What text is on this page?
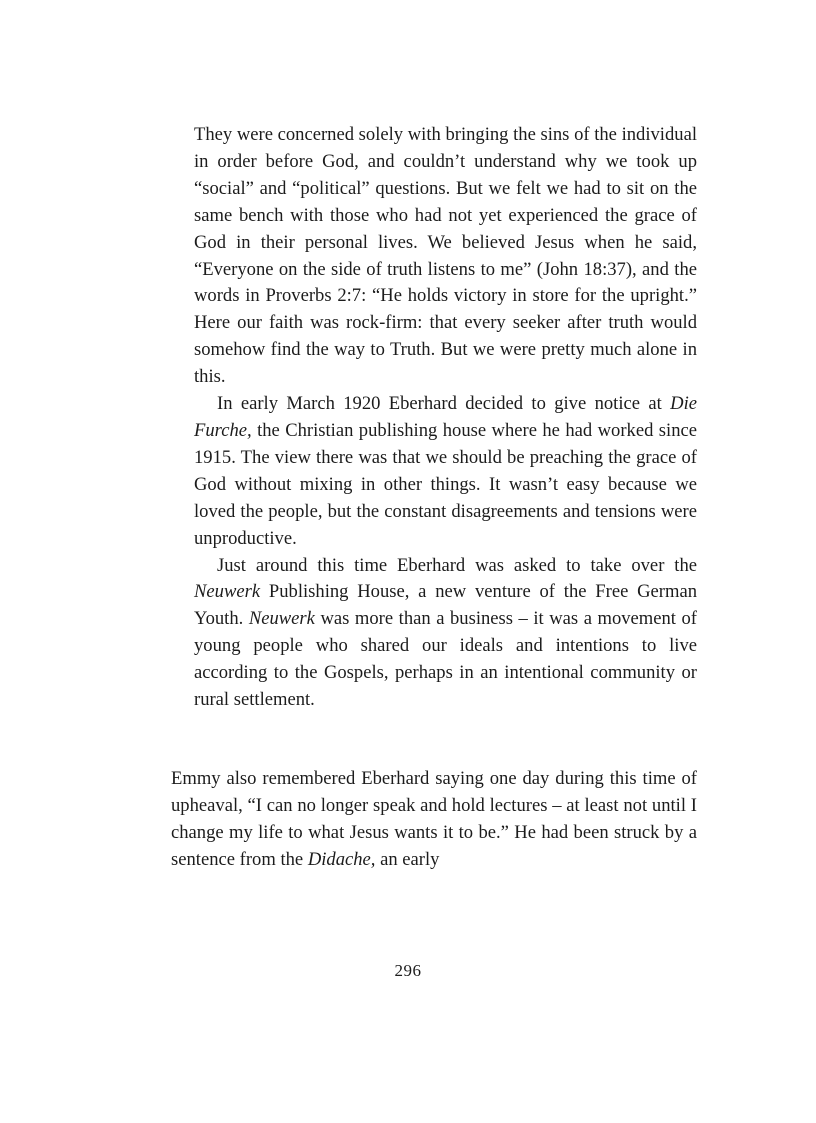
They were concerned solely with bringing the sins of the individual in order before God, and couldn’t understand why we took up “social” and “political” questions. But we felt we had to sit on the same bench with those who had not yet experienced the grace of God in their personal lives. We believed Jesus when he said, “Everyone on the side of truth listens to me” (John 18:37), and the words in Proverbs 2:7: “He holds victory in store for the upright.” Here our faith was rock-firm: that every seeker after truth would somehow find the way to Truth. But we were pretty much alone in this.

In early March 1920 Eberhard decided to give notice at Die Furche, the Christian publishing house where he had worked since 1915. The view there was that we should be preaching the grace of God without mixing in other things. It wasn’t easy because we loved the people, but the constant disagreements and tensions were unproductive.

Just around this time Eberhard was asked to take over the Neuwerk Publishing House, a new venture of the Free German Youth. Neuwerk was more than a business – it was a movement of young people who shared our ideals and intentions to live according to the Gospels, perhaps in an intentional community or rural settlement.

Emmy also remembered Eberhard saying one day during this time of upheaval, “I can no longer speak and hold lectures – at least not until I change my life to what Jesus wants it to be.” He had been struck by a sentence from the Didache, an early

296
